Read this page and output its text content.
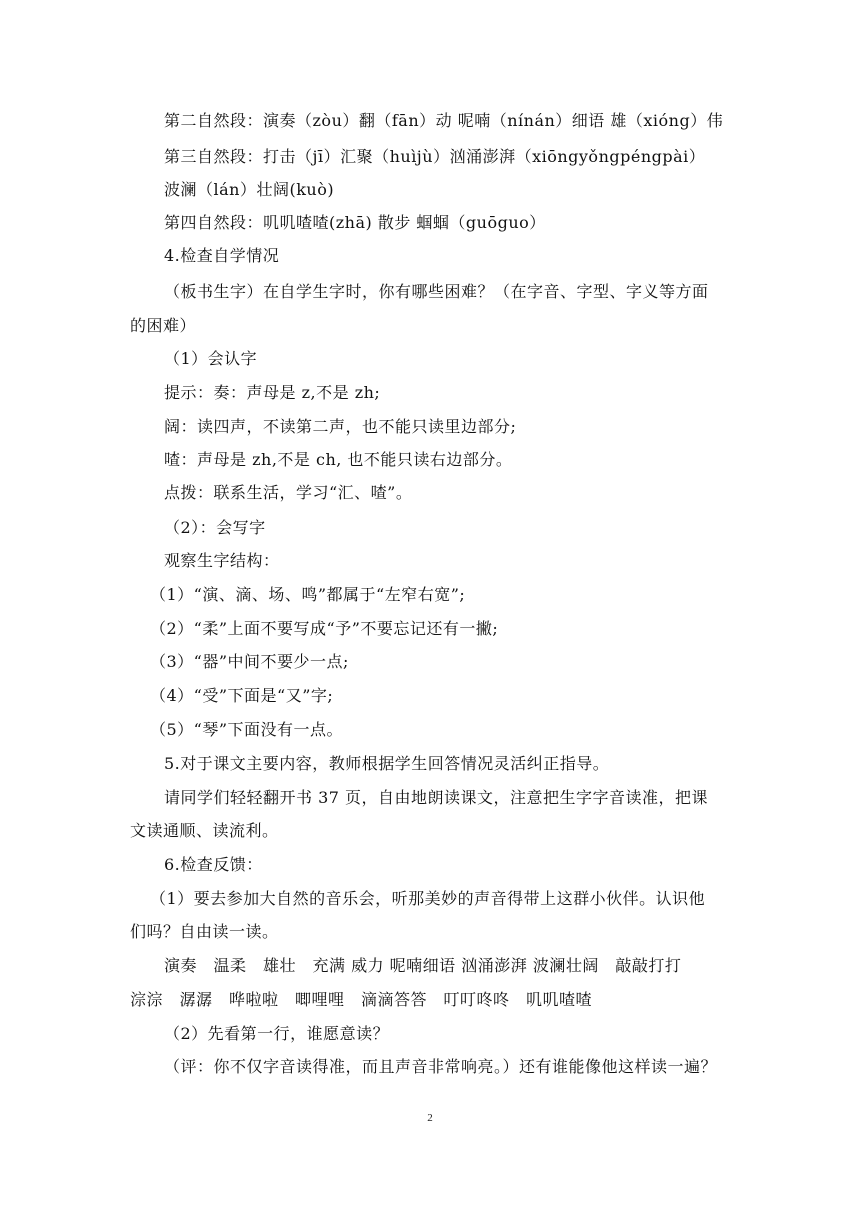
第二自然段：演奏（zòu）翻（fān）动 呢喃（nínán）细语 雄（xióng）伟
第三自然段：打击（jī）汇聚（huìjù）汹涌澎湃（xiōngyǒngpéngpài）
波澜（lán）壮阔(kuò)
第四自然段：叽叽喳喳(zhā) 散步 蝈蝈（guōguo）
4.检查自学情况
（板书生字）在自学生字时，你有哪些困难？（在字音、字型、字义等方面
的困难）
（1）会认字
提示：奏：声母是 z,不是 zh;
阔：读四声，不读第二声，也不能只读里边部分;
喳：声母是 zh,不是 ch, 也不能只读右边部分。
点拨：联系生活，学习“汇、喳”。
（2）：会写字
观察生字结构：
（1）“演、滴、场、鸣”都属于“左窄右宽”;
（2）“柔”上面不要写成“予”不要忘记还有一撇;
（3）“器”中间不要少一点;
（4）“受”下面是“又”字;
（5）“琴”下面没有一点。
5.对于课文主要内容，教师根据学生回答情况灵活纠正指导。
请同学们轻轻翻开书 37 页，自由地朗读课文，注意把生字字音读准，把课
文读通顺、读流利。
6.检查反馈：
（1）要去参加大自然的音乐会，听那美妙的声音得带上这群小伙伴。认识他
们吗？自由读一读。
演奏　温柔　雄壮　充满 威力 呢喃细语 汹涌澎湃 波澜壮阔　敲敲打打
淙淙　潺潺　哗啦啦　唧哩哩　滴滴答答　叮叮咚咚　叽叽喳喳
（2）先看第一行，谁愿意读？
（评：你不仅字音读得准，而且声音非常响亮。）还有谁能像他这样读一遍？
2
